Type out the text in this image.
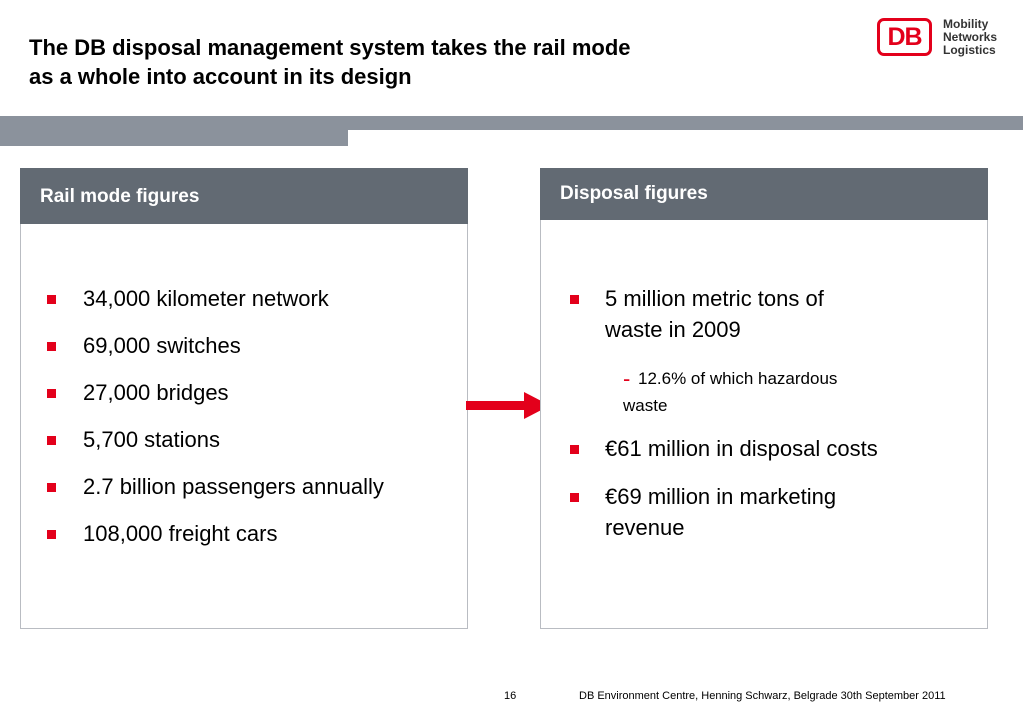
The DB disposal management system takes the rail mode
as a whole into account in its design
DB Mobility
Networks
Logistics
Rail mode figures
34,000 kilometer network
69,000 switches
27,000 bridges
5,700 stations
2.7 billion passengers annually
108,000 freight cars
Disposal figures
5 million metric tons of
waste in 2009
- 12.6% of which hazardous
waste
€61 million in disposal costs
€69 million in marketing
revenue
16	DB Environment Centre, Henning Schwarz, Belgrade 30th September 2011
